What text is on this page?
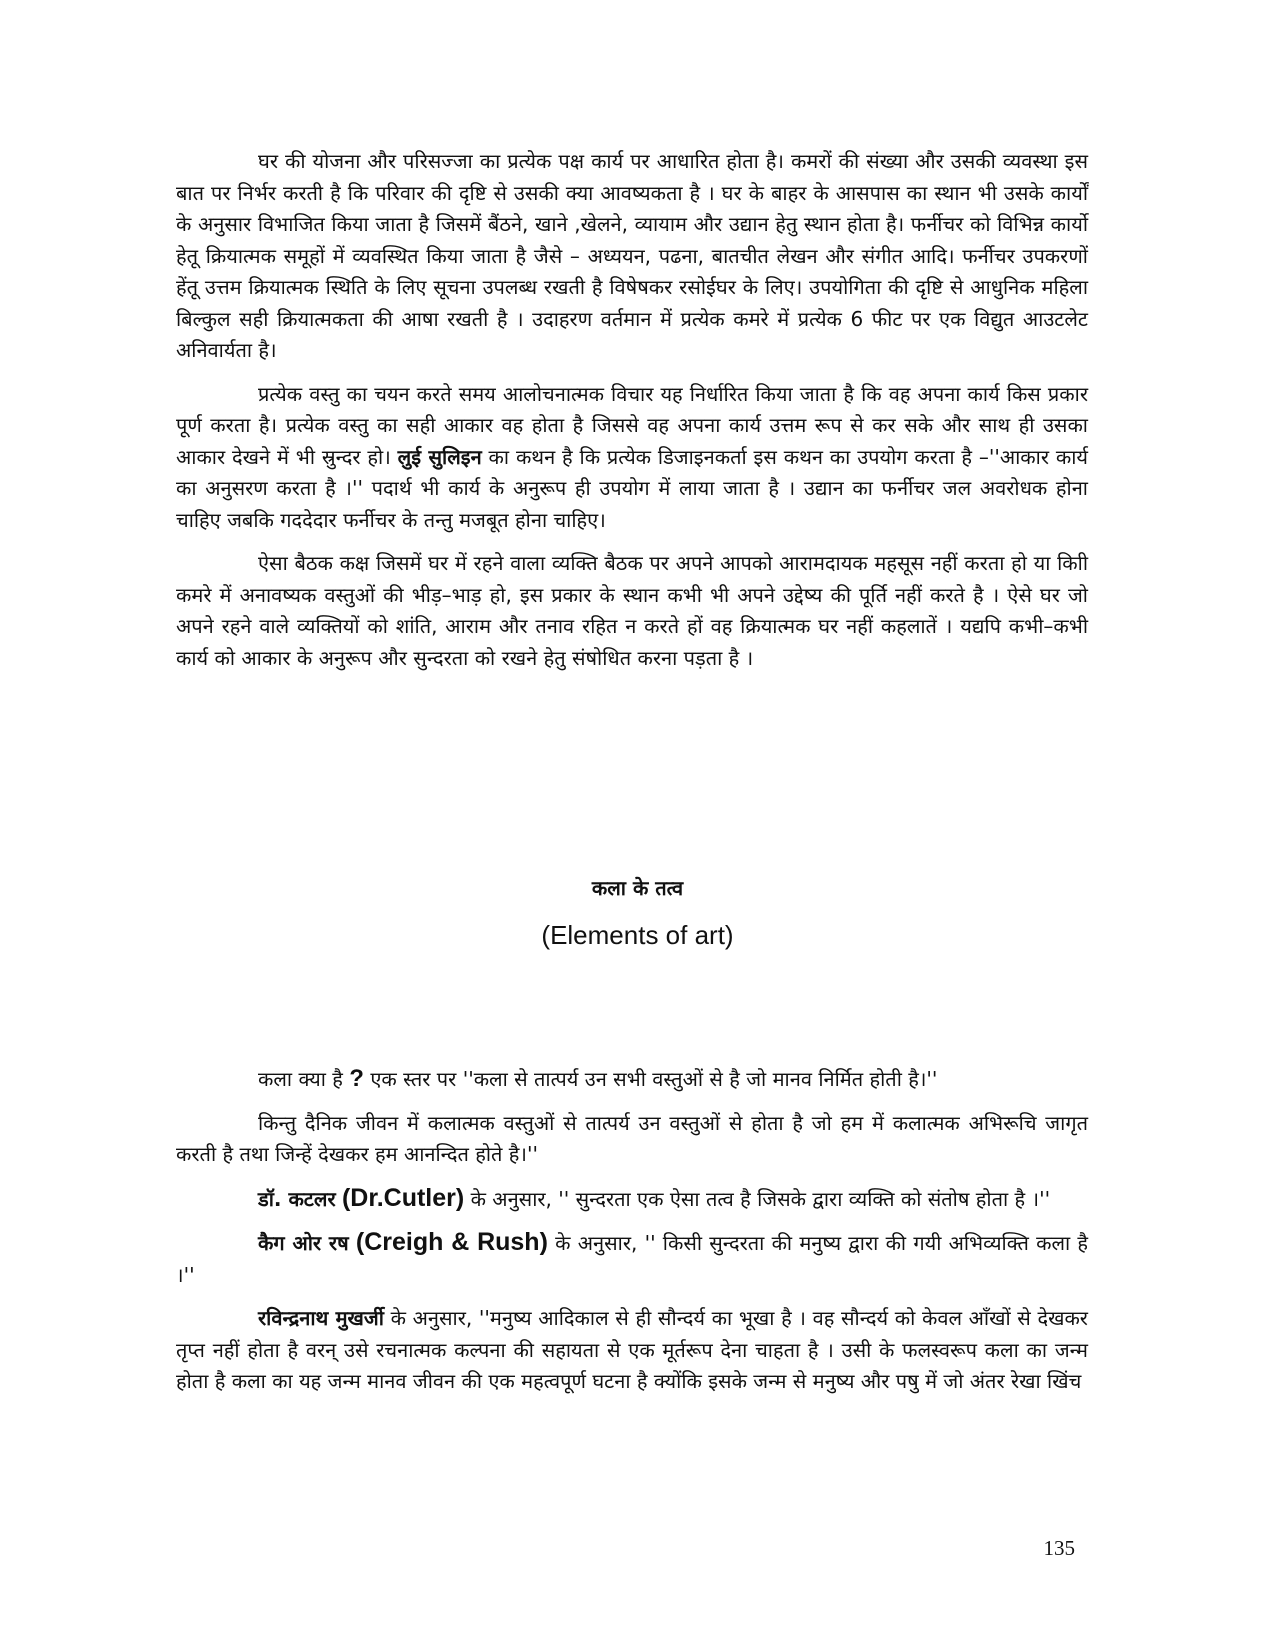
घर की योजना और परिसज्जा का प्रत्येक पक्ष कार्य पर आधारित होता है। कमरों की संख्या और उसकी व्यवस्था इस बात पर निर्भर करती है कि परिवार की दृष्टि से उसकी क्या आवष्यकता है । घर के बाहर के आसपास का स्थान भी उसके कार्यों के अनुसार विभाजित किया जाता है जिसमें बैंठने, खाने ,खेलने, व्यायाम और उद्यान हेतु स्थान होता है। फर्नीचर को विभिन्न कार्यो हेतू क्रियात्मक समूहों में व्यवस्थित किया जाता है जैसे – अध्ययन, पढना, बातचीत लेखन और संगीत आदि। फर्नीचर उपकरणों हेंतू उत्तम क्रियात्मक स्थिति के लिए सूचना उपलब्ध रखती है विषेषकर रसोईघर के लिए। उपयोगिता की दृष्टि से आधुनिक महिला बिल्कुल सही क्रियात्मकता की आषा रखती है । उदाहरण वर्तमान में प्रत्येक कमरे में प्रत्येक 6 फीट पर एक विद्युत आउटलेट अनिवार्यता है।

प्रत्येक वस्तु का चयन करते समय आलोचनात्मक विचार यह निर्धारित किया जाता है कि वह अपना कार्य किस प्रकार पूर्ण करता है। प्रत्येक वस्तु का सही आकार वह होता है जिससे वह अपना कार्य उत्तम रूप से कर सके और साथ ही उसका आकार देखने में भी स्रुन्दर हो। लुई सुलिइन का कथन है कि प्रत्येक डिजाइनकर्ता इस कथन का उपयोग करता है –''आकार कार्य का अनुसरण करता है ।'' पदार्थ भी कार्य के अनुरूप ही उपयोग में लाया जाता है । उद्यान का फर्नीचर जल अवरोधक होना चाहिए जबकि गददेदार फर्नीचर के तन्तु मजबूत होना चाहिए।

ऐसा बैठक कक्ष जिसमें घर में रहने वाला व्यक्ति बैठक पर अपने आपको आरामदायक महसूस नहीं करता हो या किाी कमरे में अनावष्यक वस्तुओं की भीड़–भाड़ हो, इस प्रकार के स्थान कभी भी अपने उद्देष्य की पूर्ति नहीं करते है । ऐसे घर जो अपने रहने वाले व्यक्तियों को शांति, आराम और तनाव रहित न करते हों वह क्रियात्मक घर नहीं कहलातें । यद्यपि कभी–कभी कार्य को आकार के अनुरूप और सुन्दरता को रखने हेतु संषोधित करना पड़ता है ।

कला के तत्व
(Elements of art)

कला क्या है ? एक स्तर पर ''कला से तात्पर्य उन सभी वस्तुओं से है जो मानव निर्मित होती है।''

किन्तु दैनिक जीवन में कलात्मक वस्तुओं से तात्पर्य उन वस्तुओं से होता है जो हम में कलात्मक अभिरूचि जागृत करती है तथा जिन्हें देखकर हम आनन्दित होते है।''

डॉ. कटलर (Dr.Cutler) के अनुसार, '' सुन्दरता एक ऐसा तत्व है जिसके द्वारा व्यक्ति को संतोष होता है ।''

कैग ओर रष (Creigh & Rush) के अनुसार, '' किसी सुन्दरता की मनुष्य द्वारा की गयी अभिव्यक्ति कला है ।''

रविन्द्रनाथ मुखर्जी के अनुसार, ''मनुष्य आदिकाल से ही सौन्दर्य का भूखा है । वह सौन्दर्य को केवल आँखों से देखकर तृप्त नहीं होता है वरन् उसे रचनात्मक कल्पना की सहायता से एक मूर्तरूप देना चाहता है । उसी के फलस्वरूप कला का जन्म होता है कला का यह जन्म मानव जीवन की एक महत्वपूर्ण घटना है क्योंकि इसके जन्म से मनुष्य और पषु में जो अंतर रेखा खिंच

135
